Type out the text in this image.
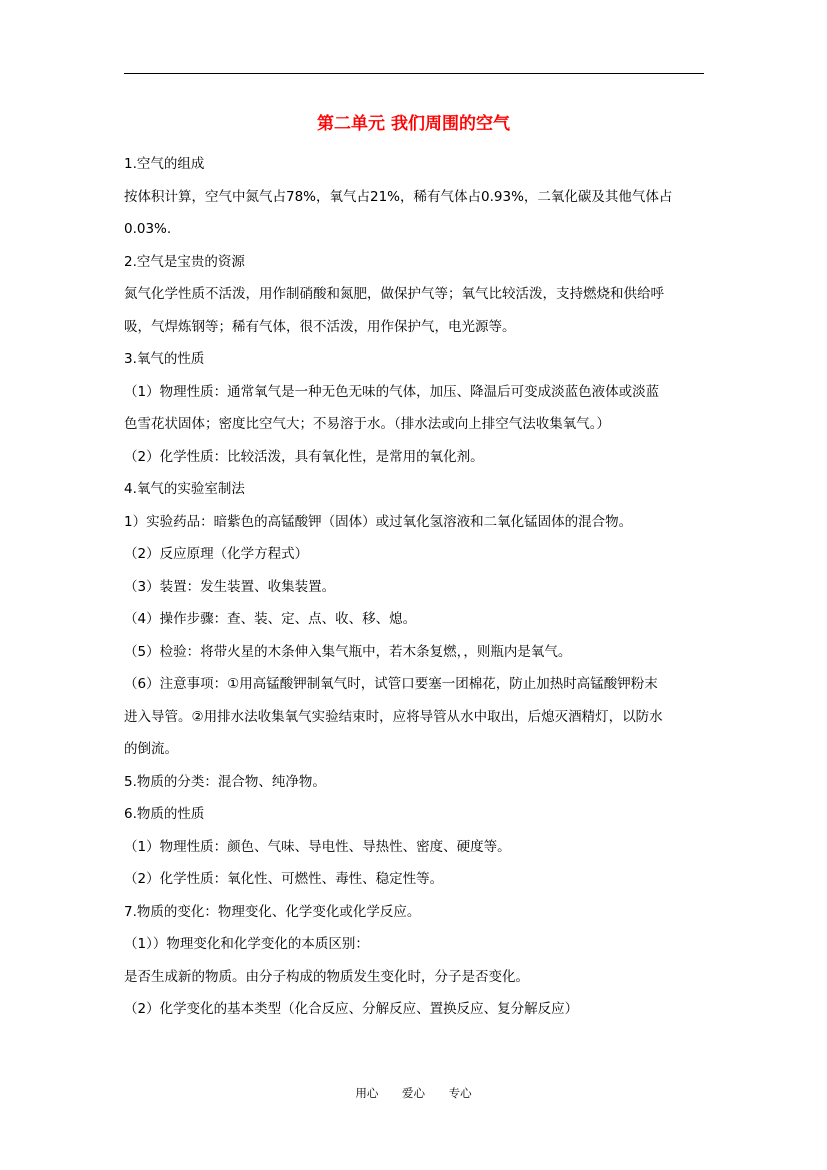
第二单元 我们周围的空气
1.空气的组成
按体积计算，空气中氮气占78%，氧气占21%，稀有气体占0.93%，二氧化碳及其他气体占
0.03%.
2.空气是宝贵的资源
氮气化学性质不活泼，用作制硝酸和氮肥，做保护气等；氧气比较活泼，支持燃烧和供给呼
吸，气焊炼钢等；稀有气体，很不活泼，用作保护气，电光源等。
3.氧气的性质
（1）物理性质：通常氧气是一种无色无味的气体，加压、降温后可变成淡蓝色液体或淡蓝
色雪花状固体；密度比空气大；不易溶于水。（排水法或向上排空气法收集氧气。）
（2）化学性质：比较活泼，具有氧化性，是常用的氧化剂。
4.氧气的实验室制法
1）实验药品：暗紫色的高锰酸钾（固体）或过氧化氢溶液和二氧化锰固体的混合物。
（2）反应原理（化学方程式）
（3）装置：发生装置、收集装置。
（4）操作步骤：查、装、定、点、收、移、熄。
（5）检验：将带火星的木条伸入集气瓶中，若木条复燃，，则瓶内是氧气。
（6）注意事项：①用高锰酸钾制氧气时，试管口要塞一团棉花，防止加热时高锰酸钾粉末
进入导管。②用排水法收集氧气实验结束时，应将导管从水中取出，后熄灭酒精灯，以防水
的倒流。
5.物质的分类：混合物、纯净物。
6.物质的性质
（1）物理性质：颜色、气味、导电性、导热性、密度、硬度等。
（2）化学性质：氧化性、可燃性、毒性、稳定性等。
7.物质的变化：物理变化、化学变化或化学反应。
（1））物理变化和化学变化的本质区别：
是否生成新的物质。由分子构成的物质发生变化时，分子是否变化。
（2）化学变化的基本类型（化合反应、分解反应、置换反应、复分解反应）
用心 爱心 专心
